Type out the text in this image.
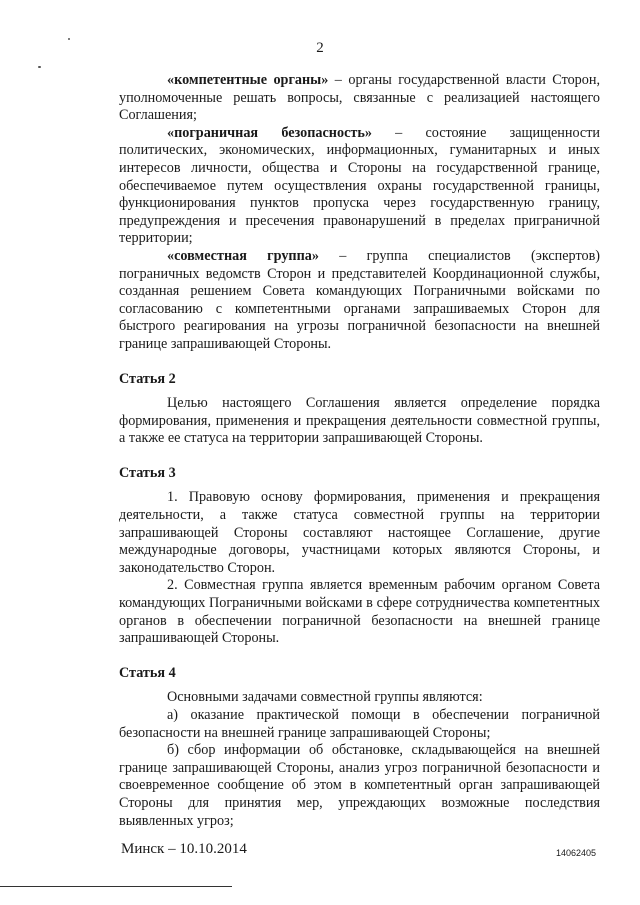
2

«компетентные органы» – органы государственной власти Сторон, уполномоченные решать вопросы, связанные с реализацией настоящего Соглашения;

«пограничная безопасность» – состояние защищенности политических, экономических, информационных, гуманитарных и иных интересов личности, общества и Стороны на государственной границе, обеспечиваемое путем осуществления охраны государственной границы, функционирования пунктов пропуска через государственную границу, предупреждения и пресечения правонарушений в пределах приграничной территории;

«совместная группа» – группа специалистов (экспертов) пограничных ведомств Сторон и представителей Координационной службы, созданная решением Совета командующих Пограничными войсками по согласованию с компетентными органами запрашиваемых Сторон для быстрого реагирования на угрозы пограничной безопасности на внешней границе запрашивающей Стороны.

Статья 2

Целью настоящего Соглашения является определение порядка формирования, применения и прекращения деятельности совместной группы, а также ее статуса на территории запрашивающей Стороны.

Статья 3

1. Правовую основу формирования, применения и прекращения деятельности, а также статуса совместной группы на территории запрашивающей Стороны составляют настоящее Соглашение, другие международные договоры, участницами которых являются Стороны, и законодательство Сторон.

2. Совместная группа является временным рабочим органом Совета командующих Пограничными войсками в сфере сотрудничества компетентных органов в обеспечении пограничной безопасности на внешней границе запрашивающей Стороны.

Статья 4

Основными задачами совместной группы являются:

а) оказание практической помощи в обеспечении пограничной безопасности на внешней границе запрашивающей Стороны;

б) сбор информации об обстановке, складывающейся на внешней границе запрашивающей Стороны, анализ угроз пограничной безопасности и своевременное сообщение об этом в компетентный орган запрашивающей Стороны для принятия мер, упреждающих возможные последствия выявленных угроз;

Минск – 10.10.2014	14062405
